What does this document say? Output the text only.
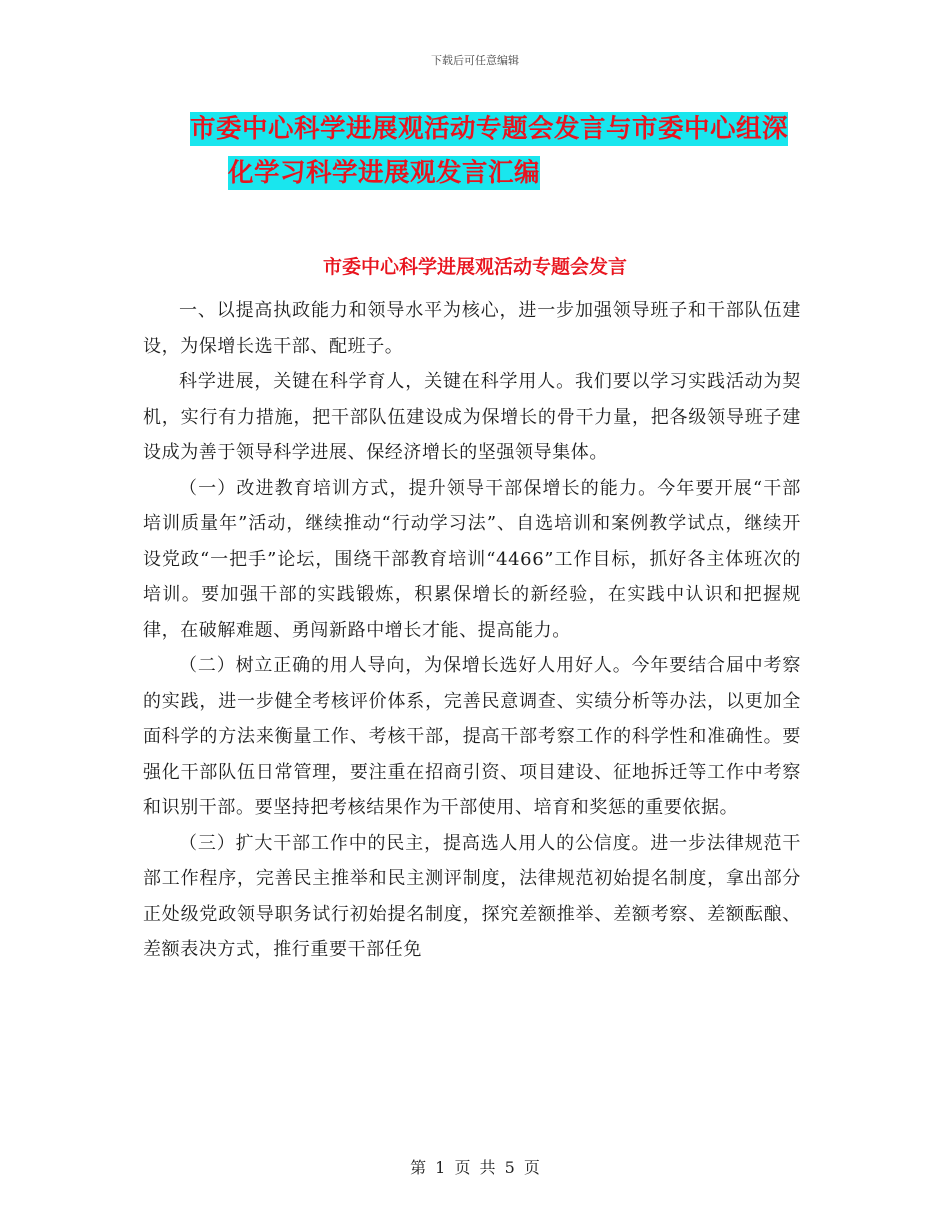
下载后可任意编辑
市委中心科学进展观活动专题会发言与市委中心组深
化学习科学进展观发言汇编
市委中心科学进展观活动专题会发言

一、以提高执政能力和领导水平为核心，进一步加强领导班子和干部队伍建设，为保增长选干部、配班子。

科学进展，关键在科学育人，关键在科学用人。我们要以学习实践活动为契机，实行有力措施，把干部队伍建设成为保增长的骨干力量，把各级领导班子建设成为善于领导科学进展、保经济增长的坚强领导集体。

（一）改进教育培训方式，提升领导干部保增长的能力。今年要开展“干部培训质量年”活动，继续推动“行动学习法”、自选培训和案例教学试点，继续开设党政“一把手”论坛，围绕干部教育培训“4466”工作目标，抓好各主体班次的培训。要加强干部的实践锻炼，积累保增长的新经验，在实践中认识和把握规律，在破解难题、勇闯新路中增长才能、提高能力。

（二）树立正确的用人导向，为保增长选好人用好人。今年要结合届中考察的实践，进一步健全考核评价体系，完善民意调查、实绩分析等办法，以更加全面科学的方法来衡量工作、考核干部，提高干部考察工作的科学性和准确性。要强化干部队伍日常管理，要注重在招商引资、项目建设、征地拆迁等工作中考察和识别干部。要坚持把考核结果作为干部使用、培育和奖惩的重要依据。

（三）扩大干部工作中的民主，提高选人用人的公信度。进一步法律规范干部工作程序，完善民主推举和民主测评制度，法律规范初始提名制度，拿出部分正处级党政领导职务试行初始提名制度，探究差额推举、差额考察、差额酝酿、差额表决方式，推行重要干部任免

第 1 页 共 5 页
